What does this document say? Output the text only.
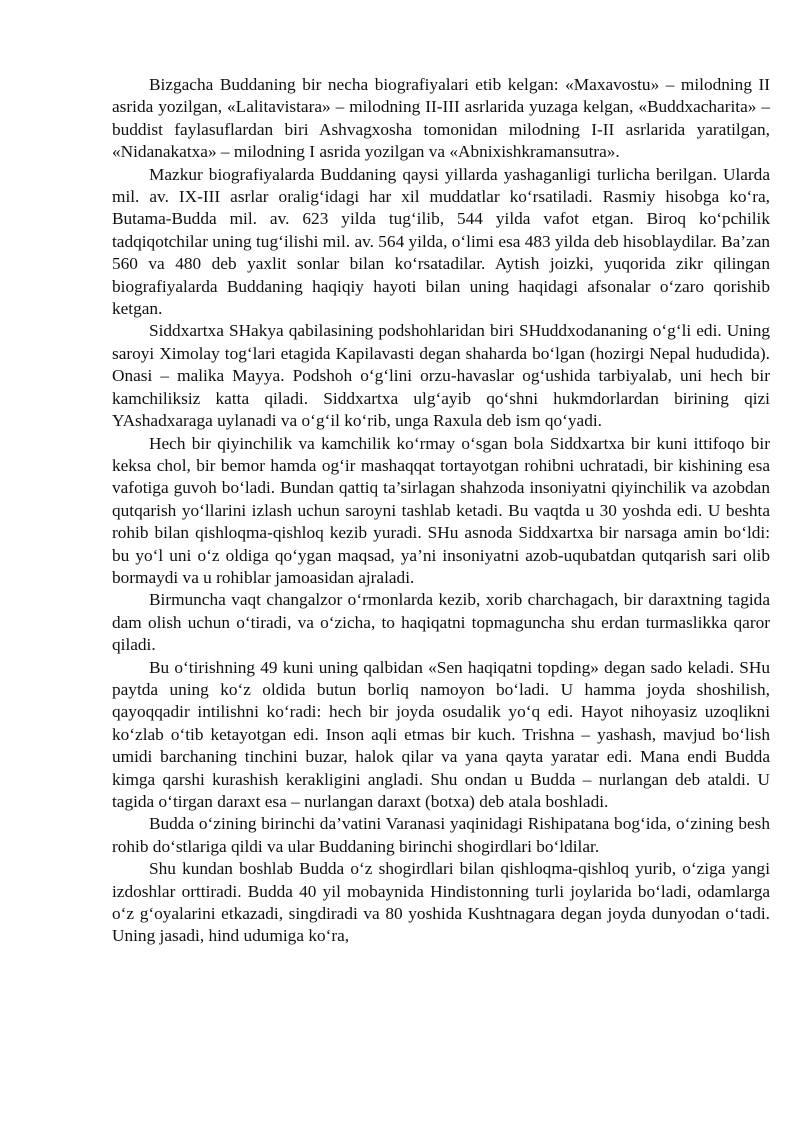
Bizgacha Buddaning bir necha biografiyalari etib kelgan: «Maxavostu» – milodning II asrida yozilgan, «Lalitavistara» – milodning II-III asrlarida yuzaga kelgan, «Buddxacharita» – buddist faylasuflardan biri Ashvagxosha tomonidan milodning I-II asrlarida yaratilgan, «Nidanakatxa» – milodning I asrida yozilgan va «Abnixishkramansutra».

Mazkur biografiyalarda Buddaning qaysi yillarda yashaganligi turlicha berilgan. Ularda mil. av. IX-III asrlar oralig‘idagi har xil muddatlar ko‘rsatiladi. Rasmiy hisobga ko‘ra, Butama-Budda mil. av. 623 yilda tug‘ilib, 544 yilda vafot etgan. Biroq ko‘pchilik tadqiqotchilar uning tug‘ilishi mil. av. 564 yilda, o‘limi esa 483 yilda deb hisoblaydilar. Ba’zan 560 va 480 deb yaxlit sonlar bilan ko‘rsatadilar. Aytish joizki, yuqorida zikr qilingan biografiyalarda Buddaning haqiqiy hayoti bilan uning haqidagi afsonalar o‘zaro qorishib ketgan.

Siddxartxa SHakya qabilasining podshohlaridan biri SHuddxodananing o‘g‘li edi. Uning saroyi Ximolay tog‘lari etagida Kapilavasti degan shaharda bo‘lgan (hozirgi Nepal hududida). Onasi – malika Mayya. Podshoh o‘g‘lini orzu-havaslar og‘ushida tarbiyalab, uni hech bir kamchiliksiz katta qiladi. Siddxartxa ulg‘ayib qo‘shni hukmdorlardan birining qizi YAshadxaraga uylanadi va o‘g‘il ko‘rib, unga Raxula deb ism qo‘yadi.

Hech bir qiyinchilik va kamchilik ko‘rmay o‘sgan bola Siddxartxa bir kuni ittifoqo bir keksa chol, bir bemor hamda og‘ir mashaqqat tortayotgan rohibni uchratadi, bir kishining esa vafotiga guvoh bo‘ladi. Bundan qattiq ta’sirlagan shahzoda insoniyatni qiyinchilik va azobdan qutqarish yo‘llarini izlash uchun saroyni tashlab ketadi. Bu vaqtda u 30 yoshda edi. U beshta rohib bilan qishloqma-qishloq kezib yuradi. SHu asnoda Siddxartxa bir narsaga amin bo‘ldi: bu yo‘l uni o‘z oldiga qo‘ygan maqsad, ya’ni insoniyatni azob-uqubatdan qutqarish sari olib bormaydi va u rohiblar jamoasidan ajraladi.

Birmuncha vaqt changalzor o‘rmonlarda kezib, xorib charchagach, bir daraxtning tagida dam olish uchun o‘tiradi, va o‘zicha, to haqiqatni topmaguncha shu erdan turmaslikka qaror qiladi.

Bu o‘tirishning 49 kuni uning qalbidan «Sen haqiqatni topding» degan sado keladi. SHu paytda uning ko‘z oldida butun borliq namoyon bo‘ladi. U hamma joyda shoshilish, qayoqqadir intilishni ko‘radi: hech bir joyda osudalik yo‘q edi. Hayot nihoyasiz uzoqlikni ko‘zlab o‘tib ketayotgan edi. Inson aqli etmas bir kuch. Trishna – yashash, mavjud bo‘lish umidi barchaning tinchini buzar, halok qilar va yana qayta yaratar edi. Mana endi Budda kimga qarshi kurashish kerakligini angladi. Shu ondan u Budda – nurlangan deb ataldi. U tagida o‘tirgan daraxt esa – nurlangan daraxt (botxa) deb atala boshladi.

Budda o‘zining birinchi da’vatini Varanasi yaqinidagi Rishipatana bog‘ida, o‘zining besh rohib do‘stlariga qildi va ular Buddaning birinchi shogirdlari bo‘ldilar.

Shu kundan boshlab Budda o‘z shogirdlari bilan qishloqma-qishloq yurib, o‘ziga yangi izdoshlar orttiradi. Budda 40 yil mobaynida Hindistonning turli joylarida bo‘ladi, odamlarga o‘z g‘oyalarini etkazadi, singdiradi va 80 yoshida Kushtnagara degan joyda dunyodan o‘tadi. Uning jasadi, hind udumiga ko‘ra,
